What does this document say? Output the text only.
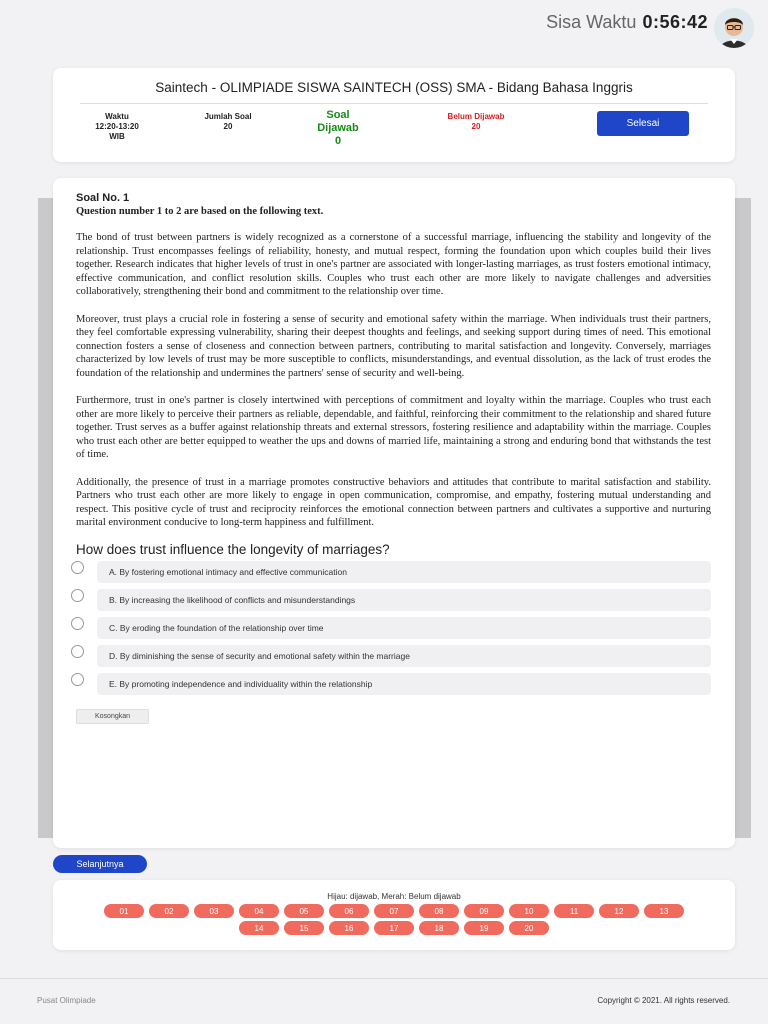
Sisa Waktu 0:56:42
Saintech - OLIMPIADE SISWA SAINTECH (OSS) SMA - Bidang Bahasa Inggris
Waktu
12:20-13:20
WIB
Jumlah Soal
20
Soal
Dijawab
0
Belum Dijawab
20	Selesai
Soal No. 1
Question number 1 to 2 are based on the following text.

The bond of trust between partners is widely recognized as a cornerstone of a successful marriage, influencing the stability and longevity of the relationship. Trust encompasses feelings of reliability, honesty, and mutual respect, forming the foundation upon which couples build their lives together. Research indicates that higher levels of trust in one's partner are associated with longer-lasting marriages, as trust fosters emotional intimacy, effective communication, and conflict resolution skills. Couples who trust each other are more likely to navigate challenges and adversities collaboratively, strengthening their bond and commitment to the relationship over time.

Moreover, trust plays a crucial role in fostering a sense of security and emotional safety within the marriage. When individuals trust their partners, they feel comfortable expressing vulnerability, sharing their deepest thoughts and feelings, and seeking support during times of need. This emotional connection fosters a sense of closeness and connection between partners, contributing to marital satisfaction and longevity. Conversely, marriages characterized by low levels of trust may be more susceptible to conflicts, misunderstandings, and eventual dissolution, as the lack of trust erodes the foundation of the relationship and undermines the partners' sense of security and well-being.

Furthermore, trust in one's partner is closely intertwined with perceptions of commitment and loyalty within the marriage. Couples who trust each other are more likely to perceive their partners as reliable, dependable, and faithful, reinforcing their commitment to the relationship and shared future together. Trust serves as a buffer against relationship threats and external stressors, fostering resilience and adaptability within the marriage. Couples who trust each other are better equipped to weather the ups and downs of married life, maintaining a strong and enduring bond that withstands the test of time.

Additionally, the presence of trust in a marriage promotes constructive behaviors and attitudes that contribute to marital satisfaction and stability. Partners who trust each other are more likely to engage in open communication, compromise, and empathy, fostering mutual understanding and respect. This positive cycle of trust and reciprocity reinforces the emotional connection between partners and cultivates a supportive and nurturing marital environment conducive to long-term happiness and fulfillment.

How does trust influence the longevity of marriages?
A. By fostering emotional intimacy and effective communication
B. By increasing the likelihood of conflicts and misunderstandings
C. By eroding the foundation of the relationship over time
D. By diminishing the sense of security and emotional safety within the marriage
E. By promoting independence and individuality within the relationship
Kosongkan
Selanjutnya
Hijau: dijawab, Merah: Belum dijawab
01	02	03	04	05	06	07	08	09	10	11	12	13
14	15	16	17	18	19	20
Pusat Olimpiade	Copyright © 2021. All rights reserved.
